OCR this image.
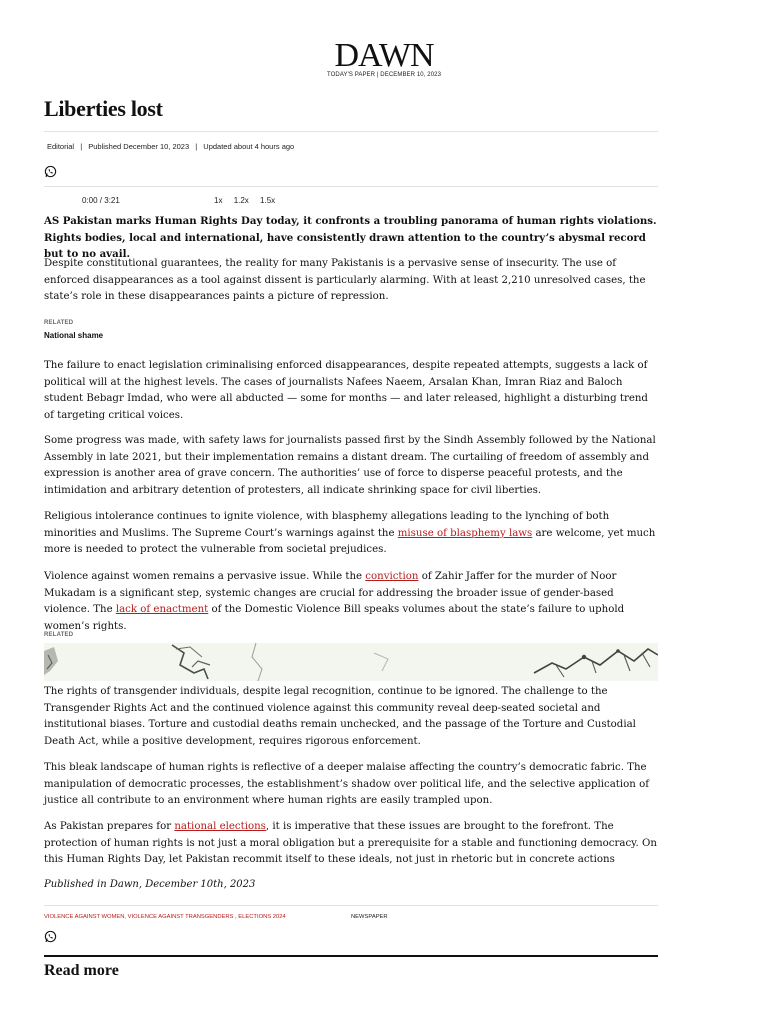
DAWN
TODAY'S PAPER | DECEMBER 10, 2023
Liberties lost
Editorial | Published December 10, 2023 | Updated about 4 hours ago
0:00 / 3:21	1x 1.2x 1.5x

AS Pakistan marks Human Rights Day today, it confronts a troubling panorama of human rights violations. Rights bodies, local and international, have consistently drawn attention to the country’s abysmal record but to no avail.

Despite constitutional guarantees, the reality for many Pakistanis is a pervasive sense of insecurity. The use of enforced disappearances as a tool against dissent is particularly alarming. With at least 2,210 unresolved cases, the state’s role in these disappearances paints a picture of repression.

RELATED
National shame

The failure to enact legislation criminalising enforced disappearances, despite repeated attempts, suggests a lack of political will at the highest levels. The cases of journalists Nafees Naeem, Arsalan Khan, Imran Riaz and Baloch student Bebagr Imdad, who were all abducted — some for months — and later released, highlight a disturbing trend of targeting critical voices.

Some progress was made, with safety laws for journalists passed first by the Sindh Assembly followed by the National Assembly in late 2021, but their implementation remains a distant dream. The curtailing of freedom of assembly and expression is another area of grave concern. The authorities’ use of force to disperse peaceful protests, and the intimidation and arbitrary detention of protesters, all indicate shrinking space for civil liberties.

Religious intolerance continues to ignite violence, with blasphemy allegations leading to the lynching of both minorities and Muslims. The Supreme Court’s warnings against the misuse of blasphemy laws are welcome, yet much more is needed to protect the vulnerable from societal prejudices.

Violence against women remains a pervasive issue. While the conviction of Zahir Jaffer for the murder of Noor Mukadam is a significant step, systemic changes are crucial for addressing the broader issue of gender-based violence. The lack of enactment of the Domestic Violence Bill speaks volumes about the state’s failure to uphold women’s rights.

RELATED

The rights of transgender individuals, despite legal recognition, continue to be ignored. The challenge to the Transgender Rights Act and the continued violence against this community reveal deep-seated societal and institutional biases. Torture and custodial deaths remain unchecked, and the passage of the Torture and Custodial Death Act, while a positive development, requires rigorous enforcement.

This bleak landscape of human rights is reflective of a deeper malaise affecting the country’s democratic fabric. The manipulation of democratic processes, the establishment’s shadow over political life, and the selective application of justice all contribute to an environment where human rights are easily trampled upon.

As Pakistan prepares for national elections, it is imperative that these issues are brought to the forefront. The protection of human rights is not just a moral obligation but a prerequisite for a stable and functioning democracy. On this Human Rights Day, let Pakistan recommit itself to these ideals, not just in rhetoric but in concrete actions

Published in Dawn, December 10th, 2023
VIOLENCE AGAINST WOMEN, VIOLENCE AGAINST TRANSGENDERS , ELECTIONS 2024	NEWSPAPER
Read more
